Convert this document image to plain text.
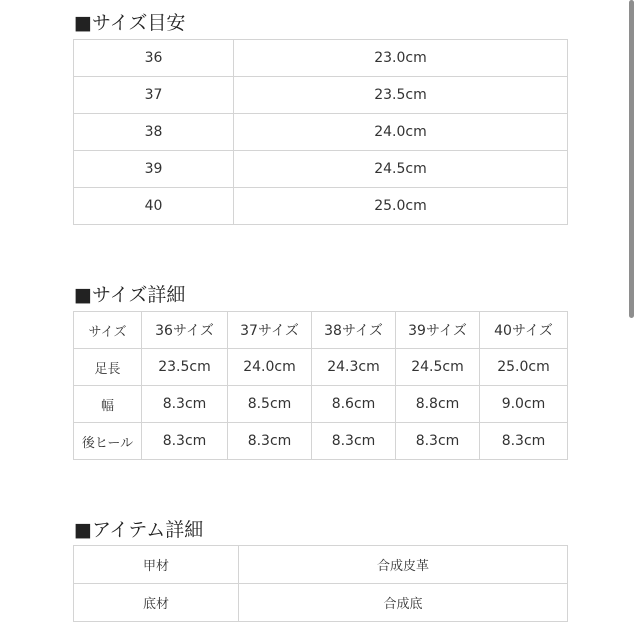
■サイズ目安
36	23.0cm
37	23.5cm
38	24.0cm
39	24.5cm
40	25.0cm
■サイズ詳細
サイズ	36サイズ	37サイズ	38サイズ	39サイズ	40サイズ
足長	23.5cm	24.0cm	24.3cm	24.5cm	25.0cm
幅	8.3cm	8.5cm	8.6cm	8.8cm	9.0cm
後ヒール	8.3cm	8.3cm	8.3cm	8.3cm	8.3cm
■アイテム詳細
甲材	合成皮革
底材	合成底
